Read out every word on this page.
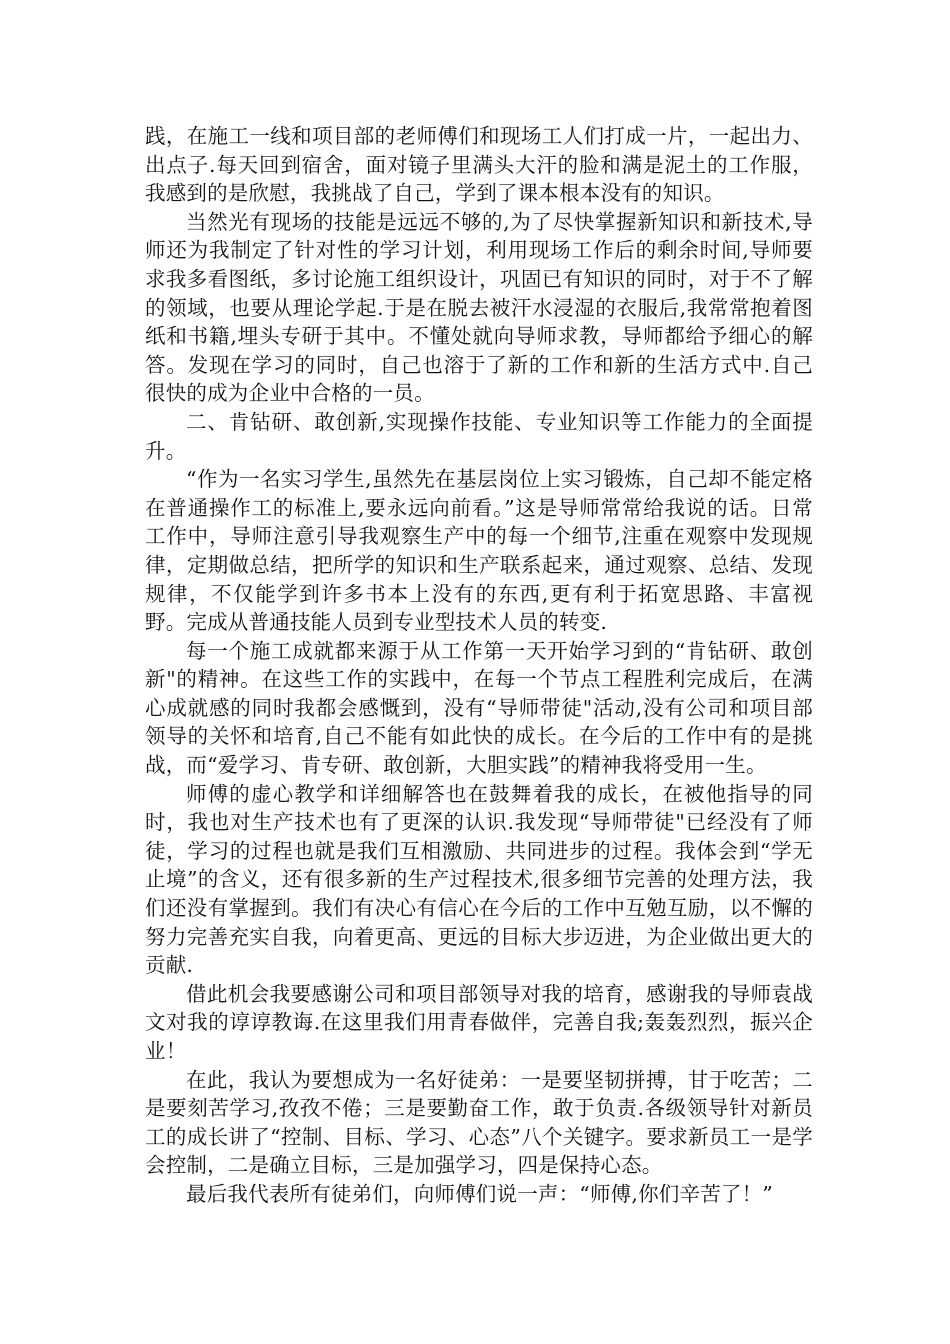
践，在施工一线和项目部的老师傅们和现场工人们打成一片，一起出力、出点子.每天回到宿舍，面对镜子里满头大汗的脸和满是泥土的工作服，我感到的是欣慰，我挑战了自己，学到了课本根本没有的知识。

当然光有现场的技能是远远不够的,为了尽快掌握新知识和新技术,导师还为我制定了针对性的学习计划，利用现场工作后的剩余时间,导师要求我多看图纸，多讨论施工组织设计，巩固已有知识的同时，对于不了解的领域，也要从理论学起.于是在脱去被汗水浸湿的衣服后,我常常抱着图纸和书籍,埋头专研于其中。不懂处就向导师求教，导师都给予细心的解答。发现在学习的同时，自己也溶于了新的工作和新的生活方式中.自己很快的成为企业中合格的一员。

二、肯钻研、敢创新,实现操作技能、专业知识等工作能力的全面提升。

“作为一名实习学生,虽然先在基层岗位上实习锻炼，自己却不能定格在普通操作工的标准上,要永远向前看。”这是导师常常给我说的话。日常工作中，导师注意引导我观察生产中的每一个细节,注重在观察中发现规律，定期做总结，把所学的知识和生产联系起来，通过观察、总结、发现规律，不仅能学到许多书本上没有的东西,更有利于拓宽思路、丰富视野。完成从普通技能人员到专业型技术人员的转变.

每一个施工成就都来源于从工作第一天开始学习到的“肯钻研、敢创新"的精神。在这些工作的实践中，在每一个节点工程胜利完成后，在满心成就感的同时我都会感慨到，没有“导师带徒"活动,没有公司和项目部领导的关怀和培育,自己不能有如此快的成长。在今后的工作中有的是挑战，而“爱学习、肯专研、敢创新，大胆实践”的精神我将受用一生。

师傅的虚心教学和详细解答也在鼓舞着我的成长，在被他指导的同时，我也对生产技术也有了更深的认识.我发现“导师带徒"已经没有了师徒，学习的过程也就是我们互相激励、共同进步的过程。我体会到“学无止境”的含义，还有很多新的生产过程技术,很多细节完善的处理方法，我们还没有掌握到。我们有决心有信心在今后的工作中互勉互励，以不懈的努力完善充实自我，向着更高、更远的目标大步迈进，为企业做出更大的贡献.

借此机会我要感谢公司和项目部领导对我的培育，感谢我的导师袁战文对我的谆谆教诲.在这里我们用青春做伴，完善自我;轰轰烈烈，振兴企业！

在此，我认为要想成为一名好徒弟：一是要坚韧拼搏，甘于吃苦；二是要刻苦学习,孜孜不倦；三是要勤奋工作，敢于负责.各级领导针对新员工的成长讲了“控制、目标、学习、心态”八个关键字。要求新员工一是学会控制，二是确立目标，三是加强学习，四是保持心态。

最后我代表所有徒弟们，向师傅们说一声：“师傅,你们辛苦了！”
